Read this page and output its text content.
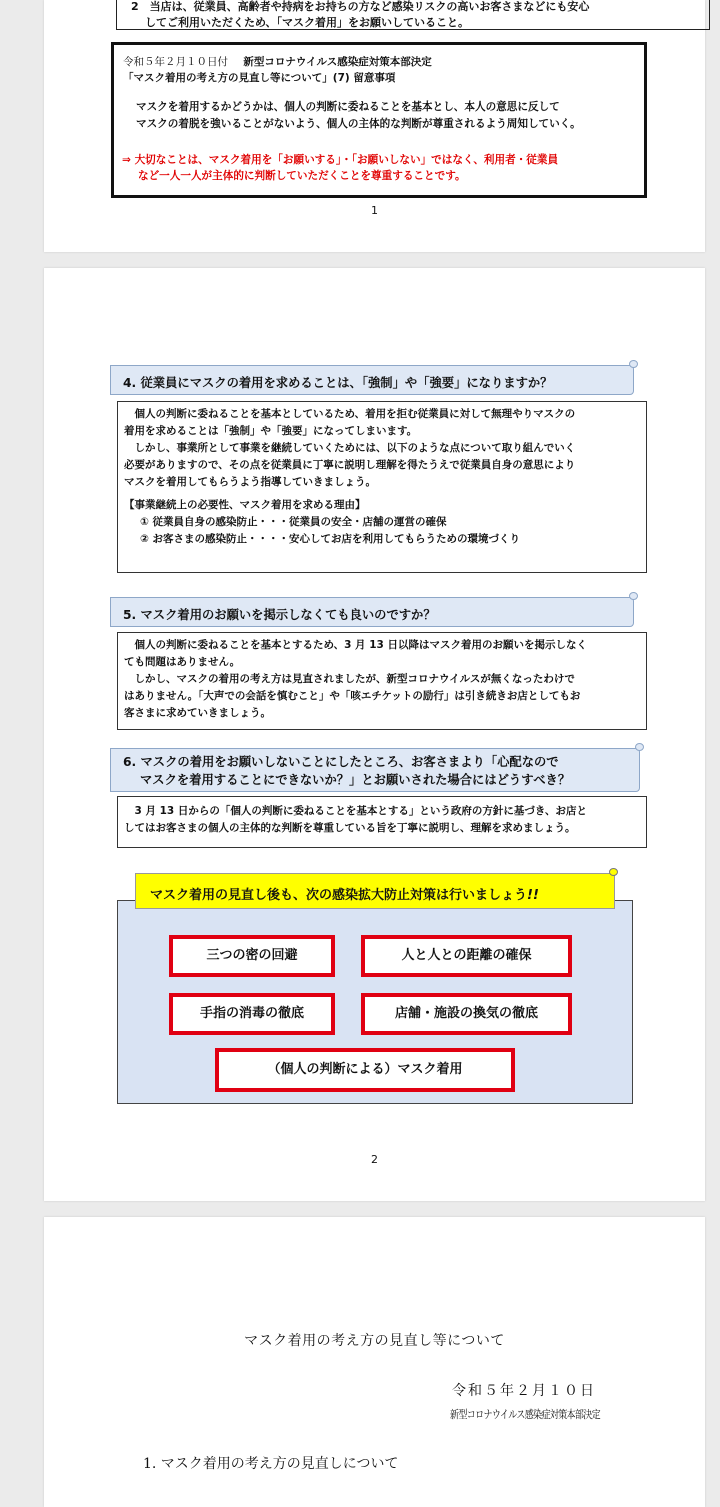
2　当店は、従業員、高齢者や持病をお持ちの方など感染リスクの高いお客さまなどにも安心
してご利用いただくため、「マスク着用」をお願いしていること。
令和５年２月１０日付 新型コロナウイルス感染症対策本部決定
「マスク着用の考え方の見直し等について」(7) 留意事項
マスクを着用するかどうかは、個人の判断に委ねることを基本とし、本人の意思に反して
マスクの着脱を強いることがないよう、個人の主体的な判断が尊重されるよう周知していく。
⇒ 大切なことは、マスク着用を「お願いする」・「お願いしない」ではなく、利用者・従業員
など一人一人が主体的に判断していただくことを尊重することです。
1
4. 従業員にマスクの着用を求めることは、「強制」や「強要」になりますか？

個人の判断に委ねることを基本としているため、着用を拒む従業員に対して無理やりマスクの

着用を求めることは「強制」や「強要」になってしまいます。

しかし、事業所として事業を継続していくためには、以下のような点について取り組んでいく

必要がありますので、その点を従業員に丁寧に説明し理解を得たうえで従業員自身の意思により

マスクを着用してもらうよう指導していきましょう。

【事業継続上の必要性、マスク着用を求める理由】

① 従業員自身の感染防止・・・従業員の安全・店舗の運営の確保
② お客さまの感染防止・・・・安心してお店を利用してもらうための環境づくり
5. マスク着用のお願いを掲示しなくても良いのですか？

個人の判断に委ねることを基本とするため、3 月 13 日以降はマスク着用のお願いを掲示しなく

ても問題はありません。

しかし、マスクの着用の考え方は見直されましたが、新型コロナウイルスが無くなったわけで

はありません。「大声での会話を慎むこと」や「咳エチケットの励行」は引き続きお店としてもお

客さまに求めていきましょう。

6. マスクの着用をお願いしないことにしたところ、お客さまより「心配なので
マスクを着用することにできないか？」とお願いされた場合にはどうすべき？

3 月 13 日からの「個人の判断に委ねることを基本とする」という政府の方針に基づき、お店と

してはお客さまの個人の主体的な判断を尊重している旨を丁寧に説明し、理解を求めましょう。

三つの密の回避	人と人との距離の確保
手指の消毒の徹底	店舗・施設の換気の徹底
（個人の判断による）マスク着用
マスク着用の見直し後も、次の感染拡大防止対策は行いましょう!!
2
マスク着用の考え方の見直し等について
令和５年２月１０日
新型コロナウイルス感染症対策本部決定
1. マスク着用の考え方の見直しについて
